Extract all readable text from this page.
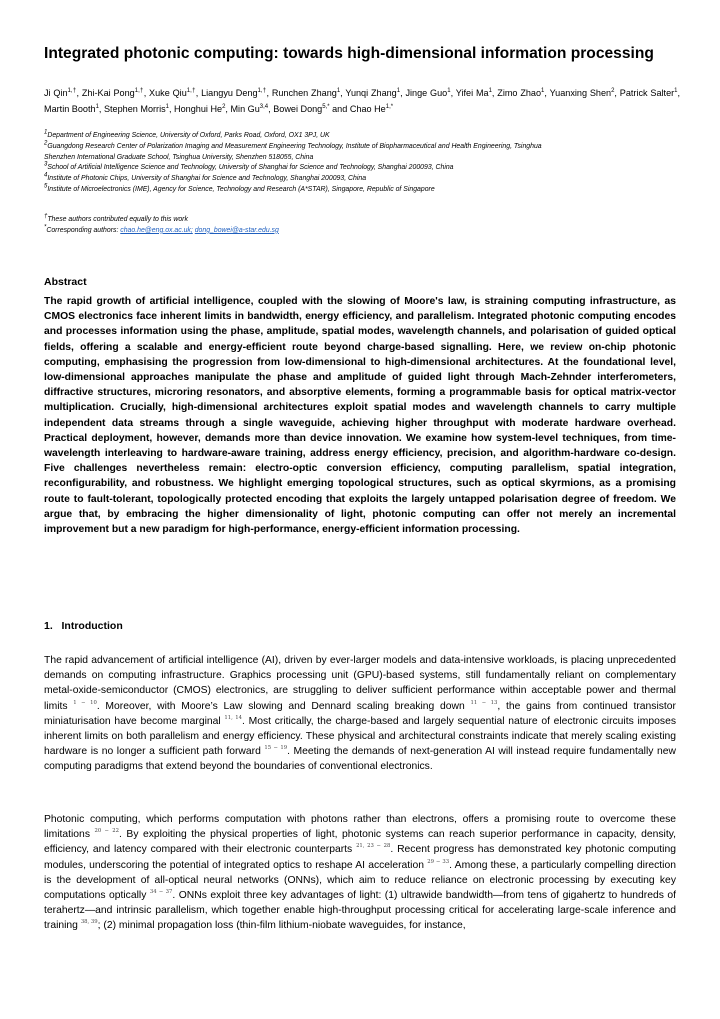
Integrated photonic computing: towards high-dimensional information processing
Ji Qin$^{1,\dagger}$, Zhi-Kai Pong$^{1,\dagger}$, Xuke Qiu$^{1,\dagger}$, Liangyu Deng$^{1,\dagger}$, Runchen Zhang$^1$, Yunqi Zhang$^1$, Jinge Guo$^1$, Yifei Ma$^1$, Zimo Zhao$^1$, Yuanxing Shen$^2$, Patrick Salter$^1$, Martin Booth$^1$, Stephen Morris$^1$, Honghui He$^2$, Min Gu$^{3,4}$, Bowei Dong$^{5,*}$ and Chao $He^{1,*}$
$^1$Department of Engineering Science, University of Oxford, Parks Road, Oxford, OX1 3PJ, UK
$^2$Guangdong Research Center of Polarization Imaging and Measurement Engineering Technology, Institute of Biopharmaceutical and Health Engineering, Tsinghua
Shenzhen International Graduate School, Tsinghua University, Shenzhen 518055, China
$^3$School of Artificial Intelligence Science and Technology, University of Shanghai for Science and Technology, Shanghai 200093, China
$^4$Institute of Photonic Chips, University of Shanghai for Science and Technology, Shanghai 200093, China
$^5$Institute of Microelectronics (IME), Agency for Science, Technology and Research (A*STAR), Singapore, Republic of Singapore
†These authors contributed equally to this work
*Corresponding authors: chao.he@eng.ox.ac.uk; dong_bowei@a-star.edu.sg
Abstract
The rapid growth of artificial intelligence, coupled with the slowing of Moore's law, is straining computing infrastructure, as CMOS electronics face inherent limits in bandwidth, energy efficiency, and parallelism. Integrated photonic computing encodes and processes information using the phase, amplitude, spatial modes, wavelength channels, and polarisation of guided optical fields, offering a scalable and energy-efficient route beyond charge-based signalling. Here, we review on-chip photonic computing, emphasising the progression from low-dimensional to high-dimensional architectures. At the foundational level, low-dimensional approaches manipulate the phase and amplitude of guided light through Mach-Zehnder interferometers, diffractive structures, microring resonators, and absorptive elements, forming a programmable basis for optical matrix-vector multiplication. Crucially, high-dimensional architectures exploit spatial modes and wavelength channels to carry multiple independent data streams through a single waveguide, achieving higher throughput with moderate hardware overhead. Practical deployment, however, demands more than device innovation. We examine how system-level techniques, from time-wavelength interleaving to hardware-aware training, address energy efficiency, precision, and algorithm-hardware co-design. Five challenges nevertheless remain: electro-optic conversion efficiency, computing parallelism, spatial integration, reconfigurability, and robustness. We highlight emerging topological structures, such as optical skyrmions, as a promising route to fault-tolerant, topologically protected encoding that exploits the largely untapped polarisation degree of freedom. We argue that, by embracing the higher dimensionality of light, photonic computing can offer not merely an incremental improvement but a new paradigm for high-performance, energy-efficient information processing.
1.   Introduction
The rapid advancement of artificial intelligence (AI), driven by ever-larger models and data-intensive workloads, is placing unprecedented demands on computing infrastructure. Graphics processing unit (GPU)-based systems, still fundamentally reliant on complementary metal-oxide-semiconductor (CMOS) electronics, are struggling to deliver sufficient performance within acceptable power and thermal limits $^{1 - 10}$. Moreover, with Moore’s Law slowing and Dennard scaling breaking down $^{11 - 13}$, the gains from continued transistor miniaturisation have become marginal $^{11, 14}$. Most critically, the charge-based and largely sequential nature of electronic circuits imposes inherent limits on both parallelism and energy efficiency. These physical and architectural constraints indicate that merely scaling existing hardware is no longer a sufficient path forward $^{15 - 19}$. Meeting the demands of next-generation AI will instead require fundamentally new computing paradigms that extend beyond the boundaries of conventional electronics.
Photonic computing, which performs computation with photons rather than electrons, offers a promising route to overcome these limitations $^{20 - 22}$. By exploiting the physical properties of light, photonic systems can reach superior performance in capacity, density, efficiency, and latency compared with their electronic counterparts $^{21, 23 - 28}$. Recent progress has demonstrated key photonic computing modules, underscoring the potential of integrated optics to reshape AI acceleration $^{29 - 33}$. Among these, a particularly compelling direction is the development of all-optical neural networks (ONNs), which aim to reduce reliance on electronic processing by executing key computations optically $^{34 - 37}$. ONNs exploit three key advantages of light: (1) ultrawide bandwidth—from tens of gigahertz to hundreds of terahertz—and intrinsic parallelism, which together enable high-throughput processing critical for accelerating large-scale inference and training $^{38, 39}$; (2) minimal propagation loss (thin-film lithium-niobate waveguides, for instance,
